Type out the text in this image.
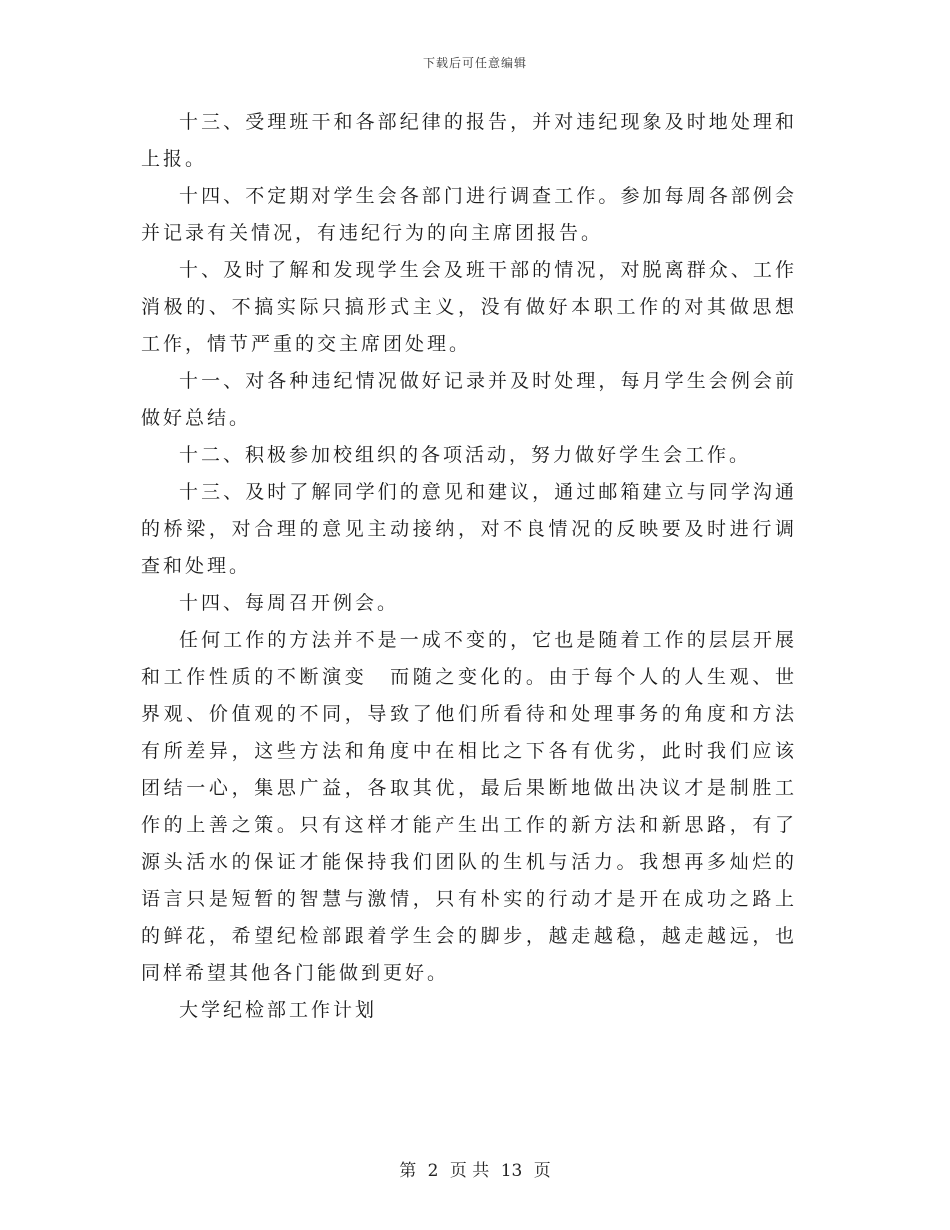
下载后可任意编辑

十三、受理班干和各部纪律的报告，并对违纪现象及时地处理和上报。

十四、不定期对学生会各部门进行调查工作。参加每周各部例会并记录有关情况，有违纪行为的向主席团报告。

十、及时了解和发现学生会及班干部的情况，对脱离群众、工作消极的、不搞实际只搞形式主义，没有做好本职工作的对其做思想工作，情节严重的交主席团处理。

十一、对各种违纪情况做好记录并及时处理，每月学生会例会前做好总结。

十二、积极参加校组织的各项活动，努力做好学生会工作。

十三、及时了解同学们的意见和建议，通过邮箱建立与同学沟通的桥梁，对合理的意见主动接纳，对不良情况的反映要及时进行调查和处理。

十四、每周召开例会。

任何工作的方法并不是一成不变的，它也是随着工作的层层开展和工作性质的不断演变　而随之变化的。由于每个人的人生观、世界观、价值观的不同，导致了他们所看待和处理事务的角度和方法有所差异，这些方法和角度中在相比之下各有优劣，此时我们应该团结一心，集思广益，各取其优，最后果断地做出决议才是制胜工作的上善之策。只有这样才能产生出工作的新方法和新思路，有了源头活水的保证才能保持我们团队的生机与活力。我想再多灿烂的语言只是短暂的智慧与激情，只有朴实的行动才是开在成功之路上的鲜花，希望纪检部跟着学生会的脚步，越走越稳，越走越远，也同样希望其他各门能做到更好。

大学纪检部工作计划

第 2 页 共 13 页
